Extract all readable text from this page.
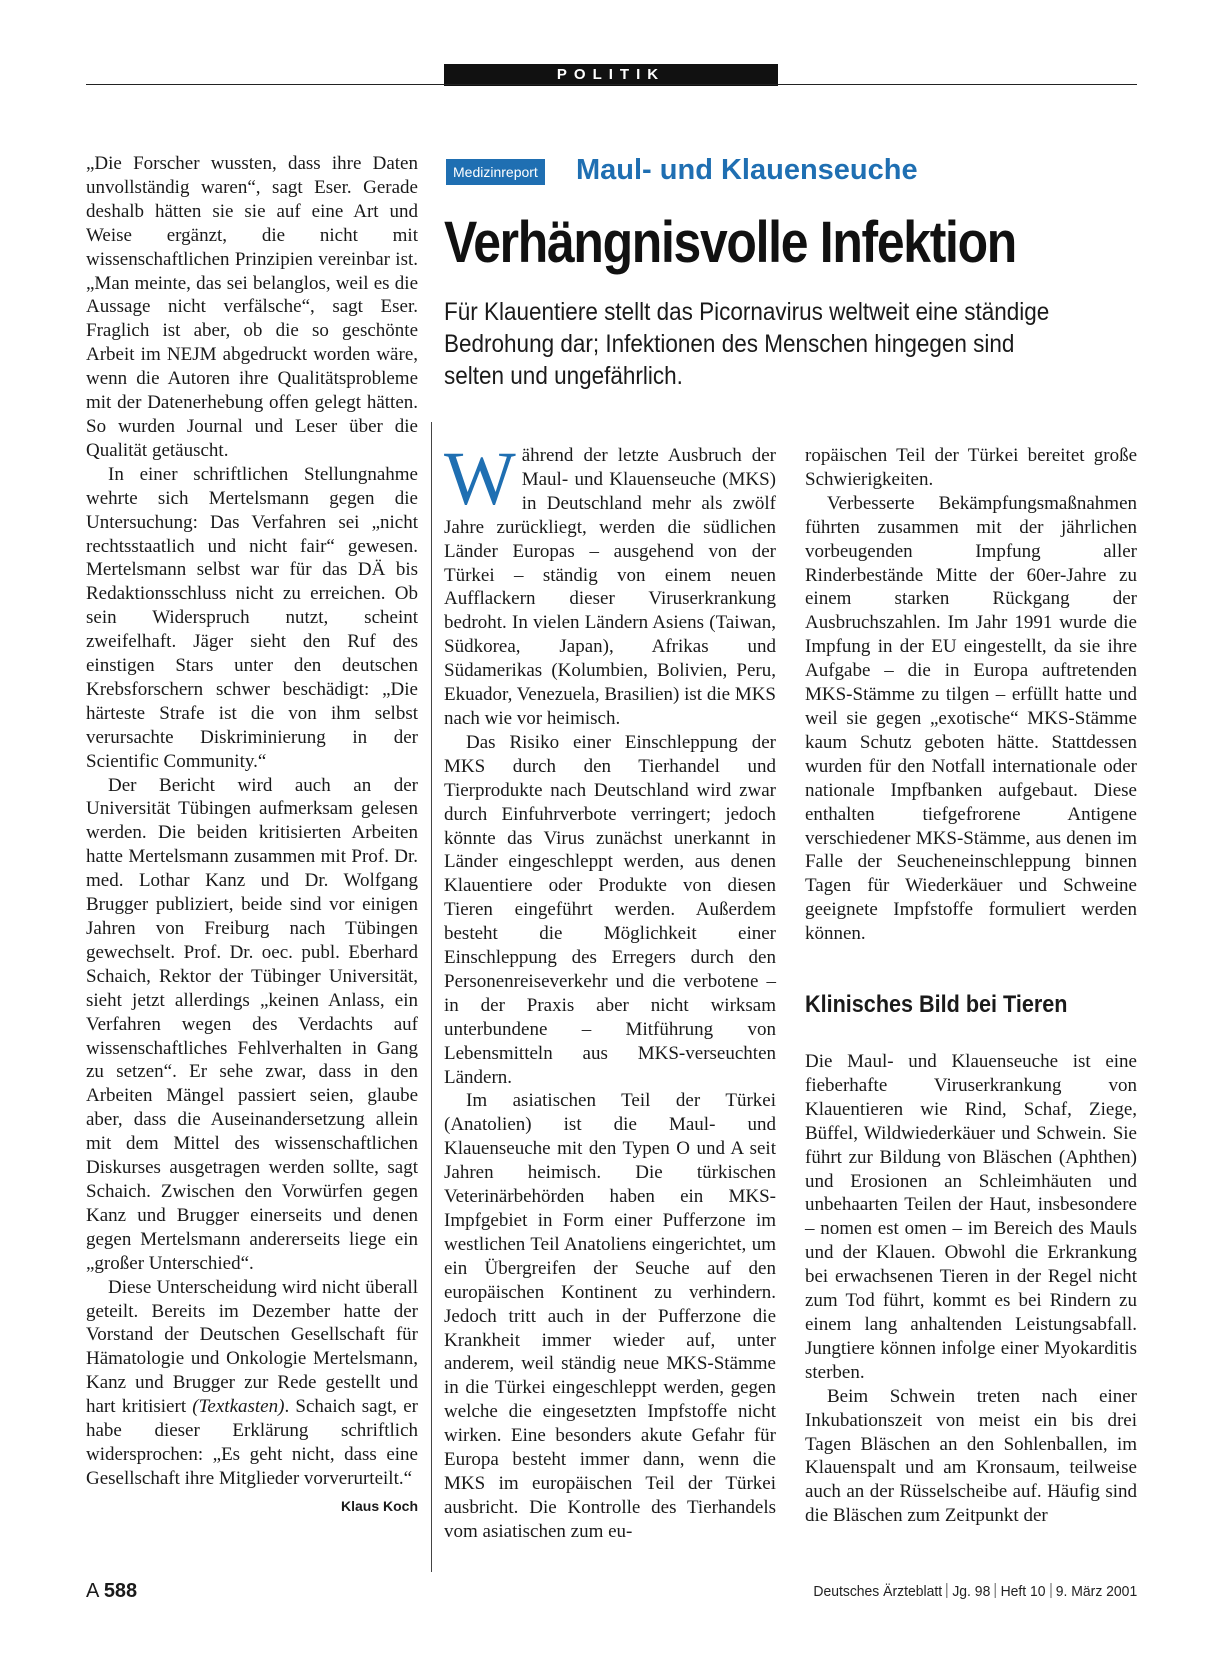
POLITIK

„Die Forscher wussten, dass ihre Daten unvollständig waren“, sagt Eser. Gerade deshalb hätten sie sie auf eine Art und Weise ergänzt, die nicht mit wissenschaftlichen Prinzipien vereinbar ist. „Man meinte, das sei belanglos, weil es die Aussage nicht verfälsche“, sagt Eser. Fraglich ist aber, ob die so geschönte Arbeit im NEJM abgedruckt worden wäre, wenn die Autoren ihre Qualitätsprobleme mit der Datenerhebung offen gelegt hätten. So wurden Journal und Leser über die Qualität getäuscht.

In einer schriftlichen Stellungnahme wehrte sich Mertelsmann gegen die Untersuchung: Das Verfahren sei „nicht rechtsstaatlich und nicht fair“ gewesen. Mertelsmann selbst war für das DÄ bis Redaktionsschluss nicht zu erreichen. Ob sein Widerspruch nutzt, scheint zweifelhaft. Jäger sieht den Ruf des einstigen Stars unter den deutschen Krebsforschern schwer beschädigt: „Die härteste Strafe ist die von ihm selbst verursachte Diskriminierung in der Scientific Community.“

Der Bericht wird auch an der Universität Tübingen aufmerksam gelesen werden. Die beiden kritisierten Arbeiten hatte Mertelsmann zusammen mit Prof. Dr. med. Lothar Kanz und Dr. Wolfgang Brugger publiziert, beide sind vor einigen Jahren von Freiburg nach Tübingen gewechselt. Prof. Dr. oec. publ. Eberhard Schaich, Rektor der Tübinger Universität, sieht jetzt allerdings „keinen Anlass, ein Verfahren wegen des Verdachts auf wissenschaftliches Fehlverhalten in Gang zu setzen“. Er sehe zwar, dass in den Arbeiten Mängel passiert seien, glaube aber, dass die Auseinandersetzung allein mit dem Mittel des wissenschaftlichen Diskurses ausgetragen werden sollte, sagt Schaich. Zwischen den Vorwürfen gegen Kanz und Brugger einerseits und denen gegen Mertelsmann andererseits liege ein „großer Unterschied“.

Diese Unterscheidung wird nicht überall geteilt. Bereits im Dezember hatte der Vorstand der Deutschen Gesellschaft für Hämatologie und Onkologie Mertelsmann, Kanz und Brugger zur Rede gestellt und hart kritisiert (Textkasten). Schaich sagt, er habe dieser Erklärung schriftlich widersprochen: „Es geht nicht, dass eine Gesellschaft ihre Mitglieder vorverurteilt.“
Klaus Koch

Medizinreport Maul- und Klauenseuche
Verhängnisvolle Infektion
Für Klauentiere stellt das Picornavirus weltweit eine ständige Bedrohung dar; Infektionen des Menschen hingegen sind selten und ungefährlich.

Während der letzte Ausbruch der Maul- und Klauenseuche (MKS) in Deutschland mehr als zwölf Jahre zurückliegt, werden die südlichen Länder Europas – ausgehend von der Türkei – ständig von einem neuen Aufflackern dieser Viruserkrankung bedroht. In vielen Ländern Asiens (Taiwan, Südkorea, Japan), Afrikas und Südamerikas (Kolumbien, Bolivien, Peru, Ekuador, Venezuela, Brasilien) ist die MKS nach wie vor heimisch.

Das Risiko einer Einschleppung der MKS durch den Tierhandel und Tierprodukte nach Deutschland wird zwar durch Einfuhrverbote verringert; jedoch könnte das Virus zunächst unerkannt in Länder eingeschleppt werden, aus denen Klauentiere oder Produkte von diesen Tieren eingeführt werden. Außerdem besteht die Möglichkeit einer Einschleppung des Erregers durch den Personenreiseverkehr und die verbotene – in der Praxis aber nicht wirksam unterbundene – Mitführung von Lebensmitteln aus MKS-verseuchten Ländern.

Im asiatischen Teil der Türkei (Anatolien) ist die Maul- und Klauenseuche mit den Typen O und A seit Jahren heimisch. Die türkischen Veterinärbehörden haben ein MKS-Impfgebiet in Form einer Pufferzone im westlichen Teil Anatoliens eingerichtet, um ein Übergreifen der Seuche auf den europäischen Kontinent zu verhindern. Jedoch tritt auch in der Pufferzone die Krankheit immer wieder auf, unter anderem, weil ständig neue MKS-Stämme in die Türkei eingeschleppt werden, gegen welche die eingesetzten Impfstoffe nicht wirken. Eine besonders akute Gefahr für Europa besteht immer dann, wenn die MKS im europäischen Teil der Türkei ausbricht. Die Kontrolle des Tierhandels vom asiatischen zum eu-

ropäischen Teil der Türkei bereitet große Schwierigkeiten.

Verbesserte Bekämpfungsmaßnahmen führten zusammen mit der jährlichen vorbeugenden Impfung aller Rinderbestände Mitte der 60er-Jahre zu einem starken Rückgang der Ausbruchszahlen. Im Jahr 1991 wurde die Impfung in der EU eingestellt, da sie ihre Aufgabe – die in Europa auftretenden MKS-Stämme zu tilgen – erfüllt hatte und weil sie gegen „exotische“ MKS-Stämme kaum Schutz geboten hätte. Stattdessen wurden für den Notfall internationale oder nationale Impfbanken aufgebaut. Diese enthalten tiefgefrorene Antigene verschiedener MKS-Stämme, aus denen im Falle der Seucheneinschleppung binnen Tagen für Wiederkäuer und Schweine geeignete Impfstoffe formuliert werden können.

Klinisches Bild bei Tieren

Die Maul- und Klauenseuche ist eine fieberhafte Viruserkrankung von Klauentieren wie Rind, Schaf, Ziege, Büffel, Wildwiederkäuer und Schwein. Sie führt zur Bildung von Bläschen (Aphthen) und Erosionen an Schleimhäuten und unbehaarten Teilen der Haut, insbesondere – nomen est omen – im Bereich des Mauls und der Klauen. Obwohl die Erkrankung bei erwachsenen Tieren in der Regel nicht zum Tod führt, kommt es bei Rindern zu einem lang anhaltenden Leistungsabfall. Jungtiere können infolge einer Myokarditis sterben.

Beim Schwein treten nach einer Inkubationszeit von meist ein bis drei Tagen Bläschen an den Sohlenballen, im Klauenspalt und am Kronsaum, teilweise auch an der Rüsselscheibe auf. Häufig sind die Bläschen zum Zeitpunkt der

A 588	Deutsches Ärzteblatt Jg. 98 Heft 10 9. März 2001
